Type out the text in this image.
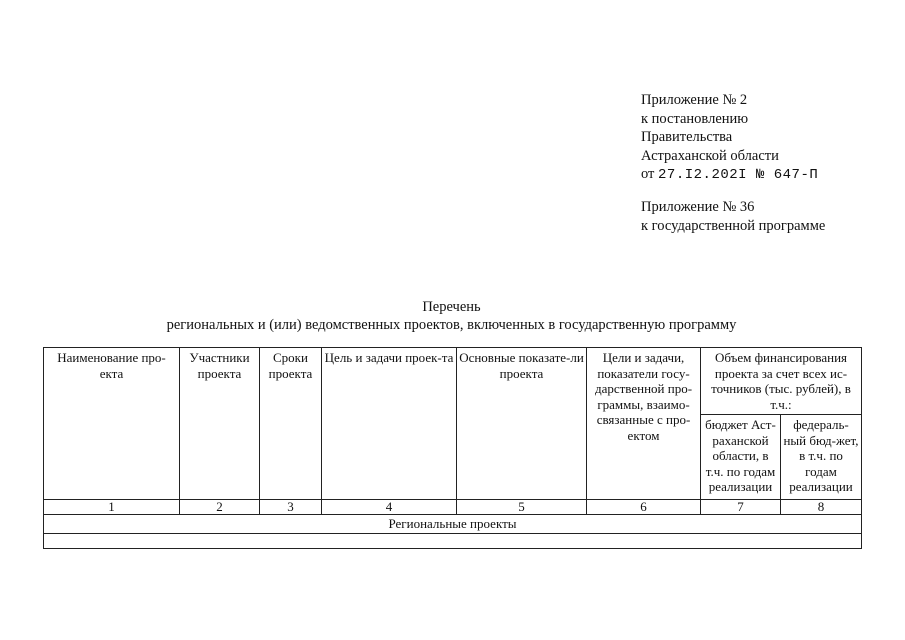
Приложение № 2
к постановлению
Правительства
Астраханской области
от 27.I2.202I № 647-П
Приложение № 36
к государственной программе
Перечень
региональных и (или) ведомственных проектов, включенных в государственную программу
Наименование про-екта	Участники проекта	Сроки проекта	Цель и задачи проек-та	Основные показате-ли проекта	Цели и задачи, показатели госу-дарственной про-граммы, взаимо-связанные с про-ектом	Объем финансирования проекта за счет всех ис-точников (тыс. рублей), в т.ч.:	
						бюджет Аст-раханской области, в т.ч. по годам реализации	федераль-ный бюд-жет, в т.ч. по годам реализации
1	2	3	4	5	6	7	8
Региональные проекты							
